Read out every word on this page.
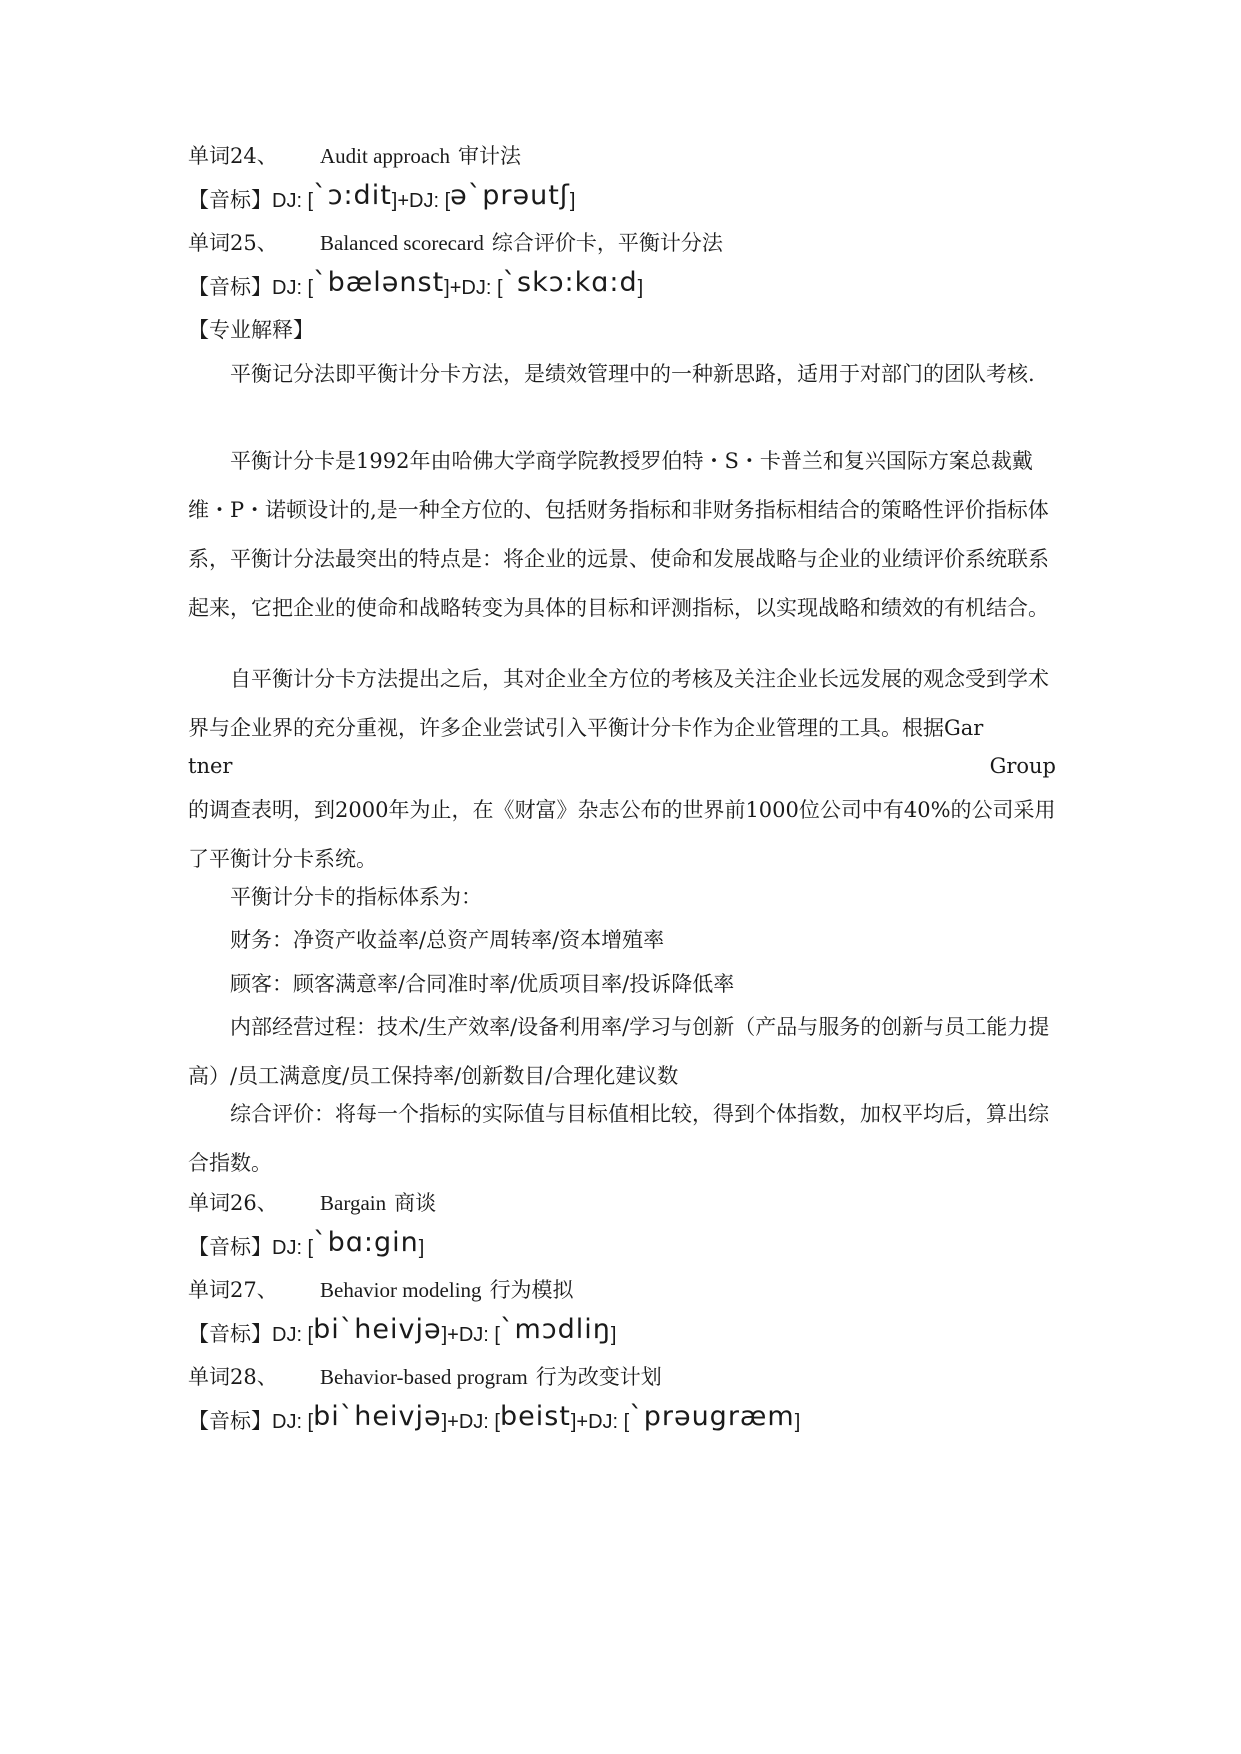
单词24、 Audit approach 审计法
【音标】DJ: [`ɔ:dit]+DJ: [ə`prəutʃ]
单词25、 Balanced scorecard 综合评价卡，平衡计分法
【音标】DJ: [`bælənst]+DJ: [`skɔ:kɑ:d]
【专业解释】
平衡记分法即平衡计分卡方法，是绩效管理中的一种新思路，适用于对部门的团队考核.
平衡计分卡是1992年由哈佛大学商学院教授罗伯特・S・卡普兰和复兴国际方案总裁戴维・P・诺顿设计的,是一种全方位的、包括财务指标和非财务指标相结合的策略性评价指标体系，平衡计分法最突出的特点是：将企业的远景、使命和发展战略与企业的业绩评价系统联系起来，它把企业的使命和战略转变为具体的目标和评测指标，以实现战略和绩效的有机结合。
自平衡计分卡方法提出之后，其对企业全方位的考核及关注企业长远发展的观念受到学术界与企业界的充分重视，许多企业尝试引入平衡计分卡作为企业管理的工具。根据Gar
tner	Group
的调查表明，到2000年为止，在《财富》杂志公布的世界前1000位公司中有40%的公司采用了平衡计分卡系统。
平衡计分卡的指标体系为：
财务：净资产收益率/总资产周转率/资本增殖率
顾客：顾客满意率/合同准时率/优质项目率/投诉降低率
内部经营过程：技术/生产效率/设备利用率/学习与创新（产品与服务的创新与员工能力提高）/员工满意度/员工保持率/创新数目/合理化建议数
综合评价：将每一个指标的实际值与目标值相比较，得到个体指数，加权平均后，算出综合指数。
单词26、 Bargain 商谈
【音标】DJ: [`bɑ:gin]
单词27、 Behavior modeling 行为模拟
【音标】DJ: [bi`heivjə]+DJ: [`mɔdliŋ]
单词28、 Behavior-based program 行为改变计划
【音标】DJ: [bi`heivjə]+DJ: [beist]+DJ: [`prəugræm]
